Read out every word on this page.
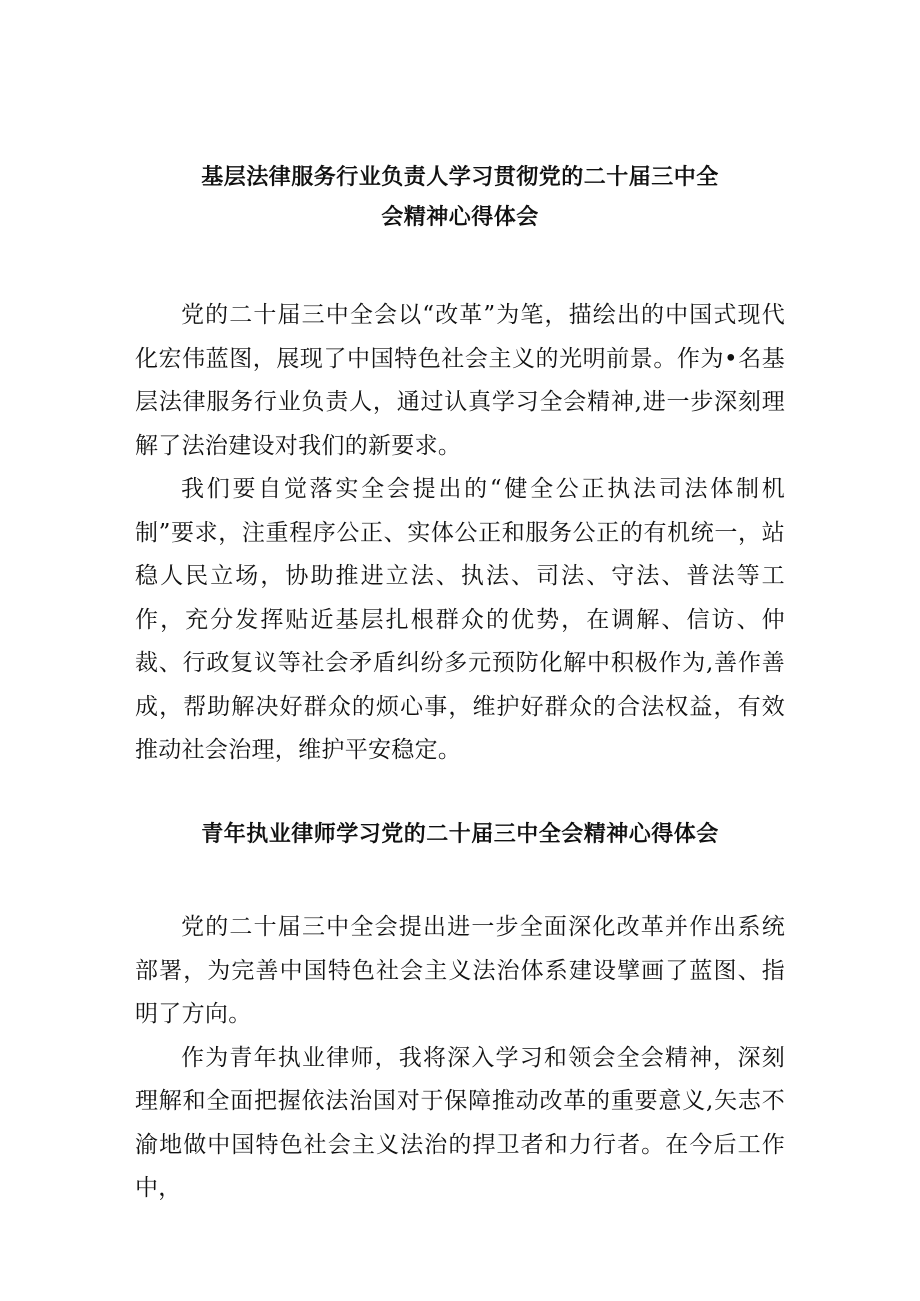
基层法律服务行业负责人学习贯彻党的二十届三中全
会精神心得体会

党的二十届三中全会以“改革”为笔，描绘出的中国式现代化宏伟蓝图，展现了中国特色社会主义的光明前景。作为•名基层法律服务行业负责人，通过认真学习全会精神,进一步深刻理解了法治建设对我们的新要求。

我们要自觉落实全会提出的“健全公正执法司法体制机制”要求，注重程序公正、实体公正和服务公正的有机统一，站稳人民立场，协助推进立法、执法、司法、守法、普法等工作，充分发挥贴近基层扎根群众的优势，在调解、信访、仲裁、行政复议等社会矛盾纠纷多元预防化解中积极作为,善作善成，帮助解决好群众的烦心事，维护好群众的合法权益，有效推动社会治理，维护平安稳定。

青年执业律师学习党的二十届三中全会精神心得体会

党的二十届三中全会提出进一步全面深化改革并作出系统部署，为完善中国特色社会主义法治体系建设擘画了蓝图、指明了方向。

作为青年执业律师，我将深入学习和领会全会精神，深刻理解和全面把握依法治国对于保障推动改革的重要意义,矢志不渝地做中国特色社会主义法治的捍卫者和力行者。在今后工作中，
